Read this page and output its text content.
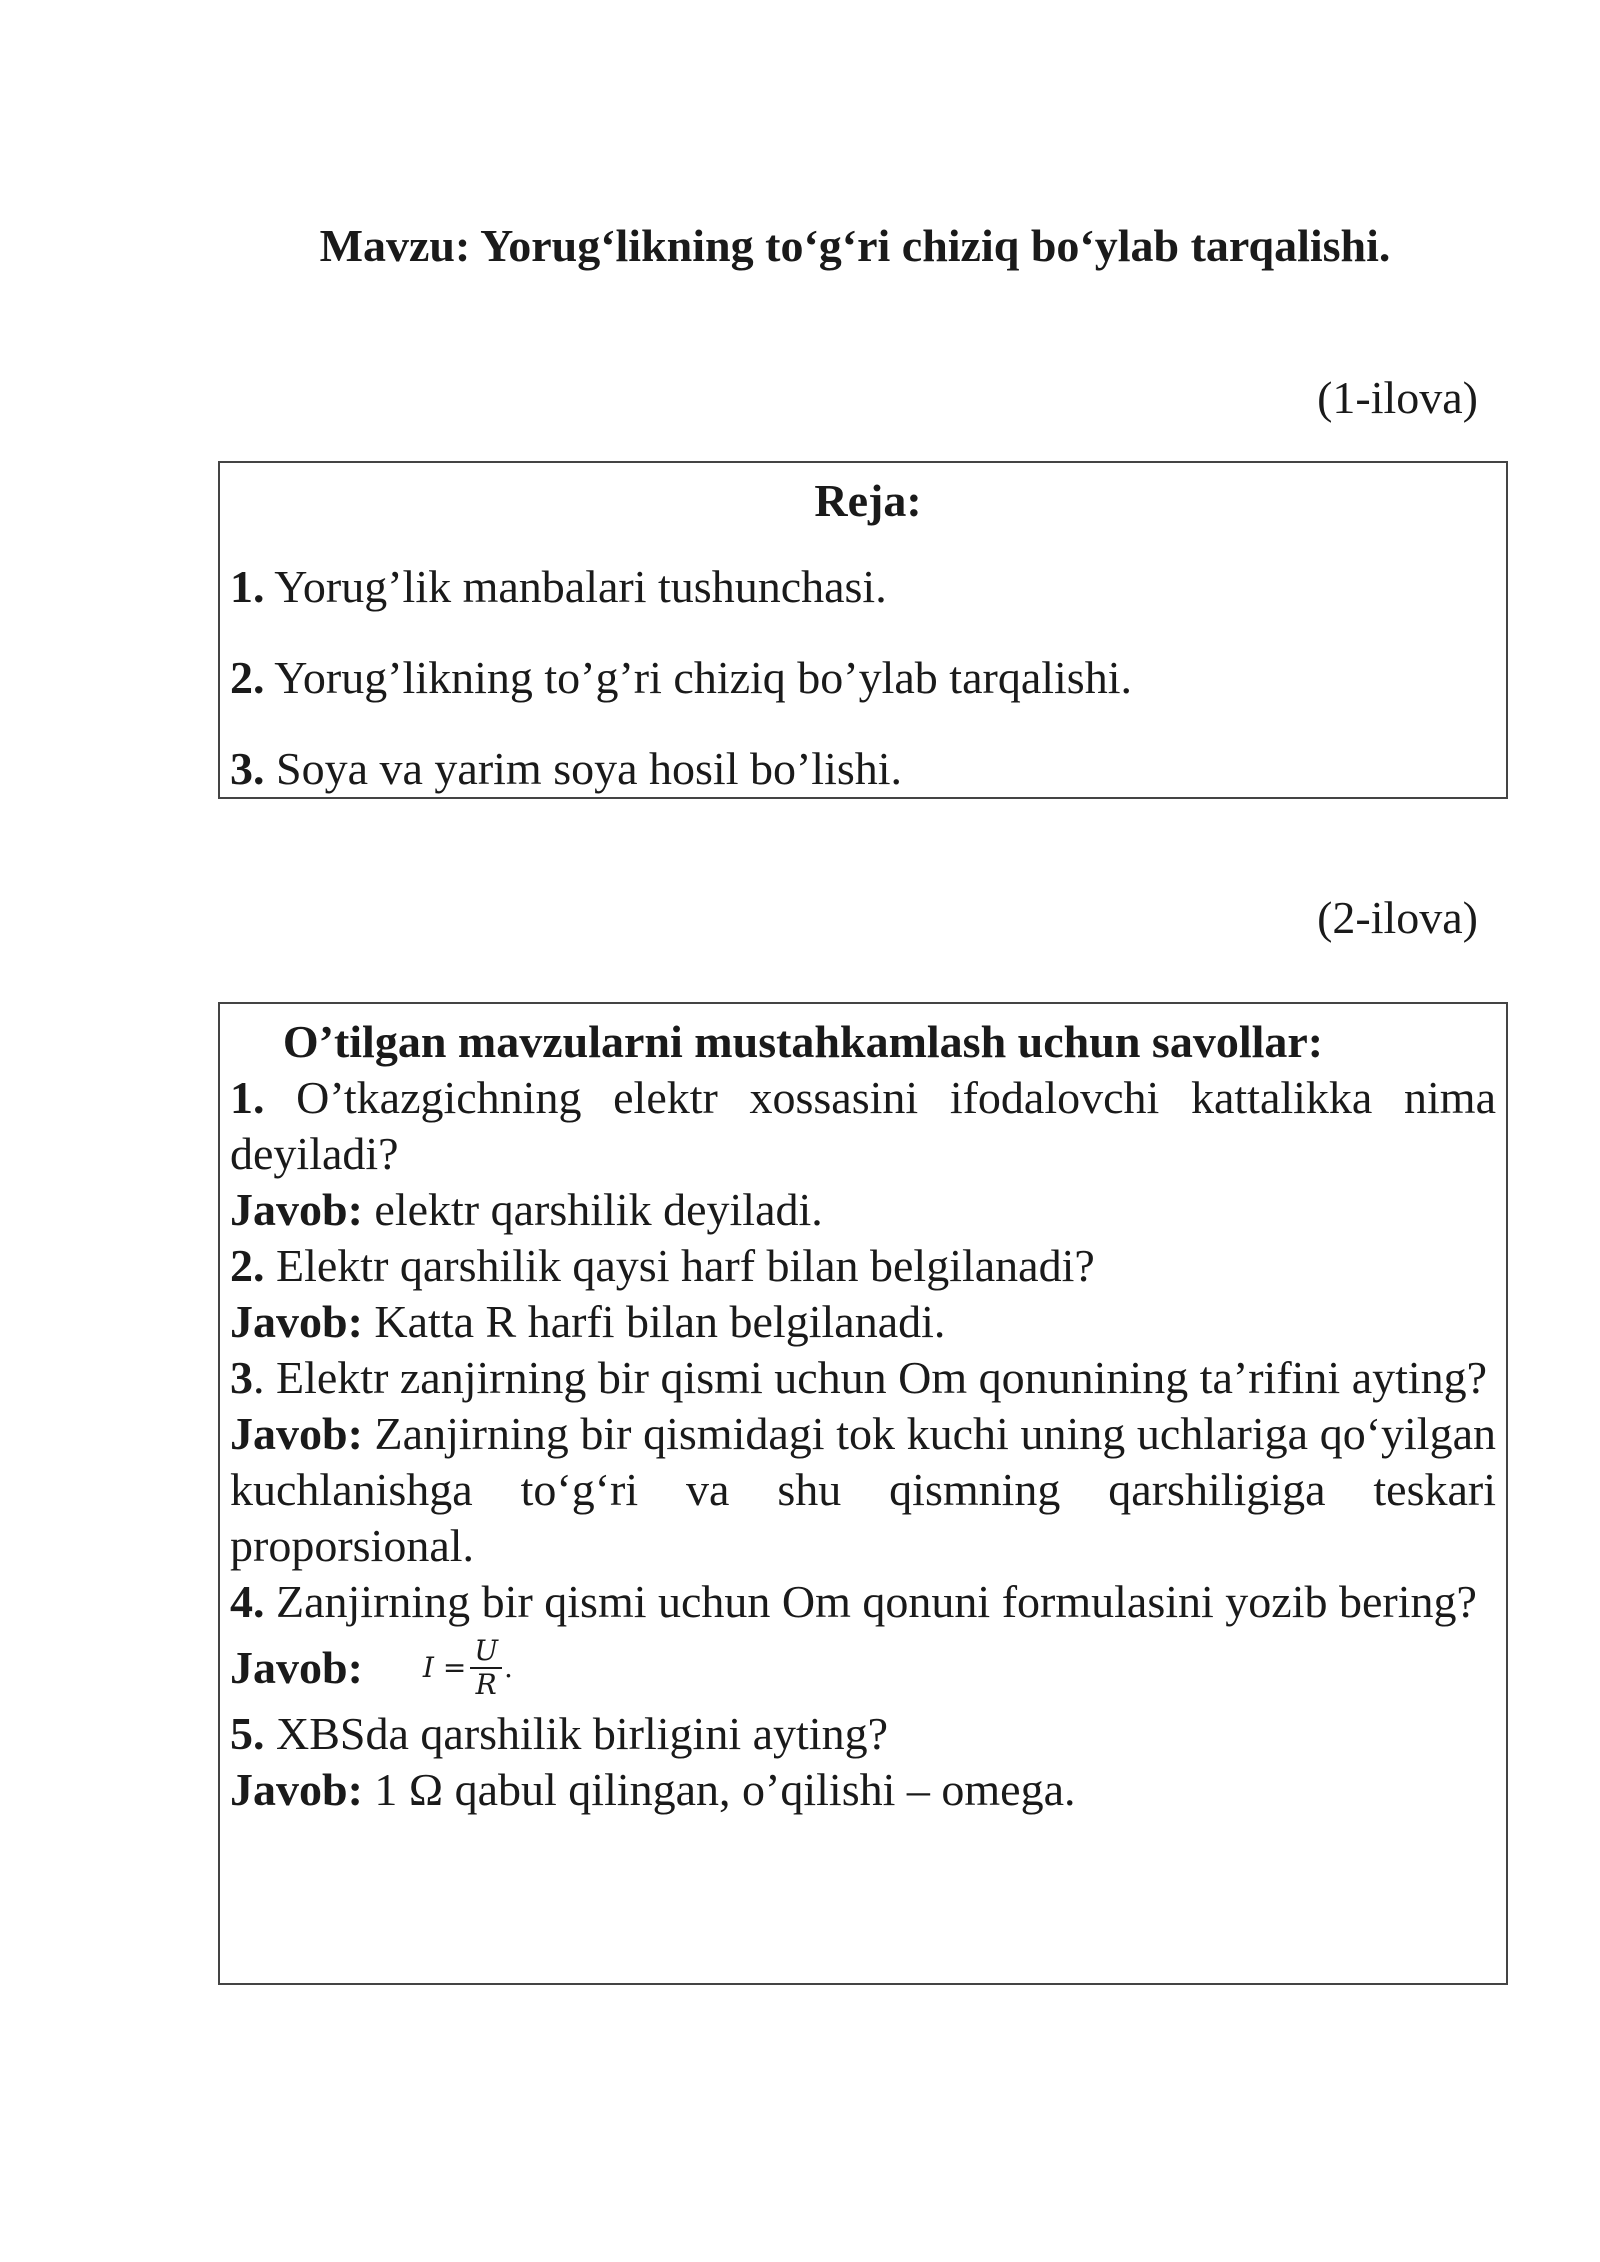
Mavzu: Yorug‘likning to‘g‘ri chiziq bo‘ylab tarqalishi.
(1-ilova)
Reja:
1. Yorug’lik manbalari tushunchasi.
2. Yorug’likning to’g’ri chiziq bo’ylab tarqalishi.
3. Soya va yarim soya hosil bo’lishi.
(2-ilova)
O’tilgan mavzularni mustahkamlash uchun savollar:

1. O’tkazgichning elektr xossasini ifodalovchi kattalikka nima deyiladi?

Javob: elektr qarshilik deyiladi.

2. Elektr qarshilik qaysi harf bilan belgilanadi?

Javob: Katta R harfi bilan belgilanadi.

3. Elektr zanjirning bir qismi uchun Om qonunining ta’rifini ayting?

Javob: Zanjirning bir qismidagi tok kuchi uning uchlariga qo‘yilgan kuchlanishga to‘g‘ri va shu qismning qarshiligiga teskari proporsional.

4. Zanjirning bir qismi uchun Om qonuni formulasini yozib bering?

Javob: $I = \frac{U}{R}$ .

5. XBSda qarshilik birligini ayting?

Javob: 1 Ω qabul qilingan, o’qilishi – omega.
